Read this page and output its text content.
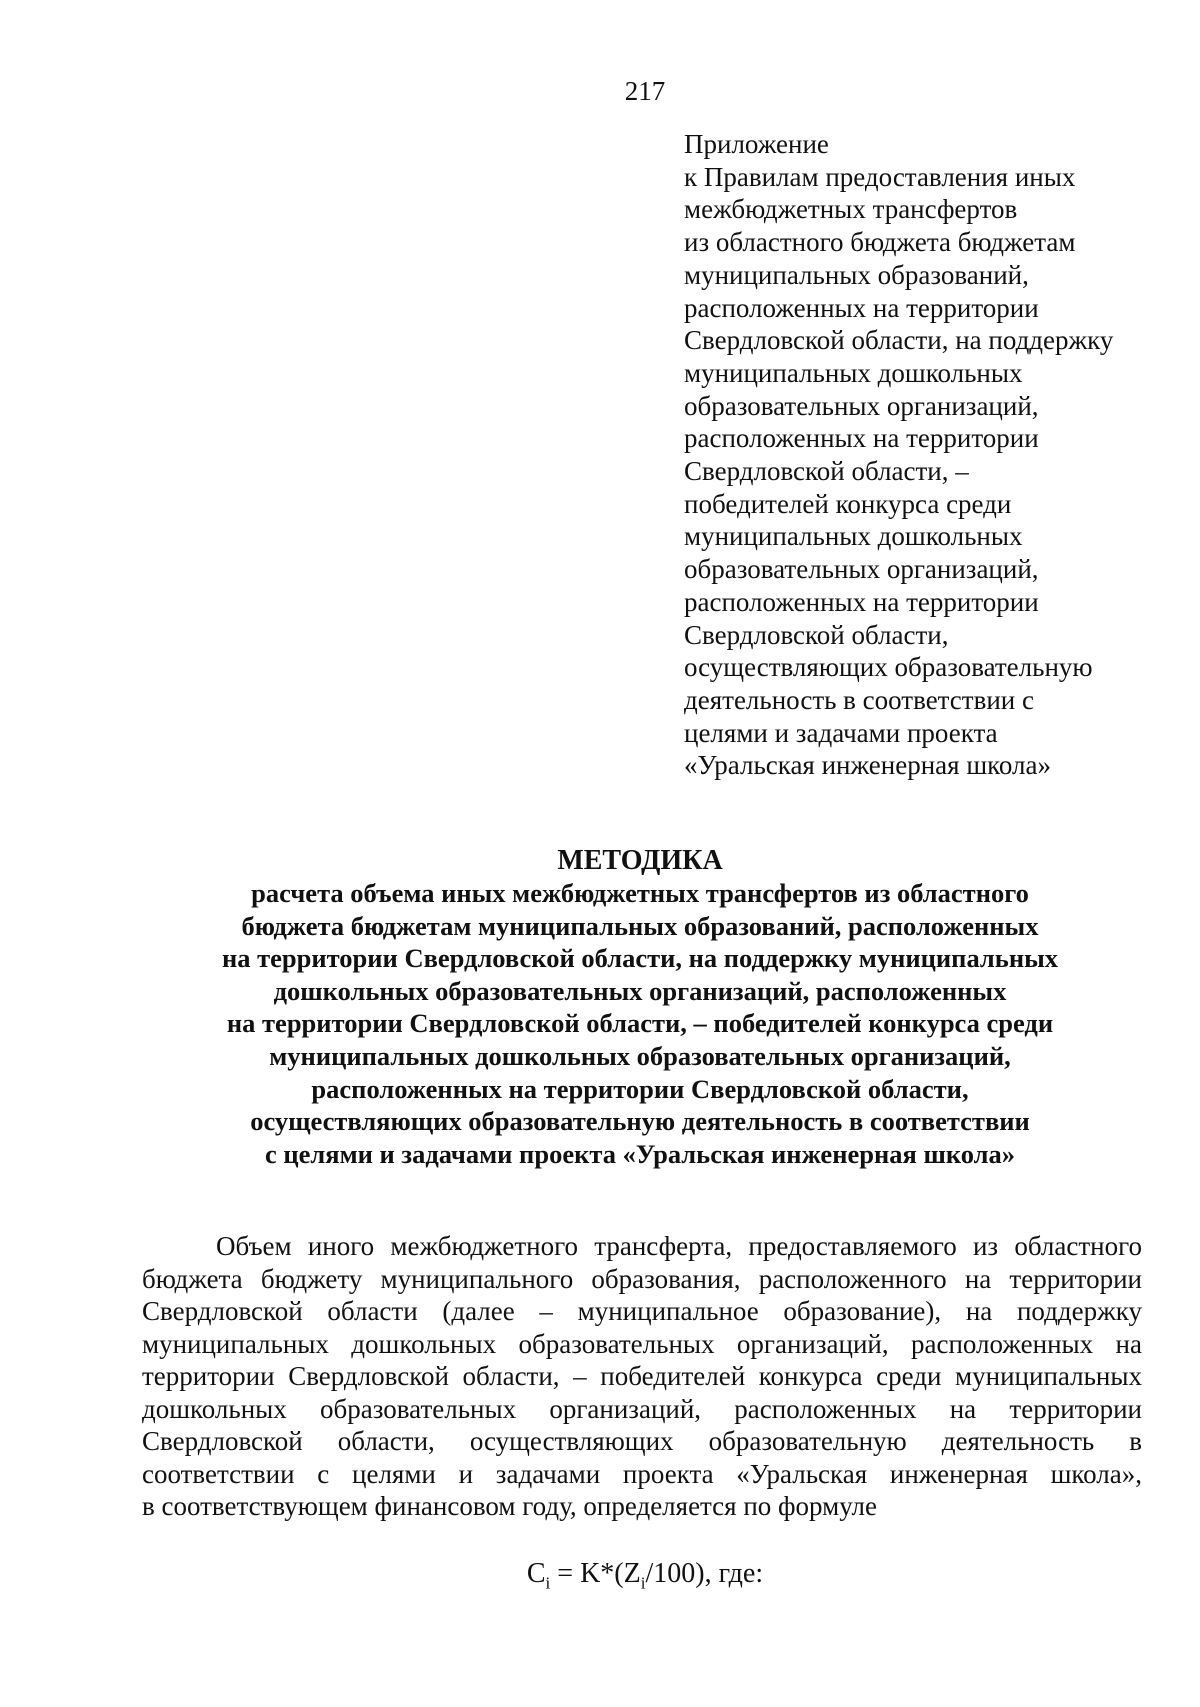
217
Приложение
к Правилам предоставления иных
межбюджетных трансфертов
из областного бюджета бюджетам
муниципальных образований,
расположенных на территории
Свердловской области, на поддержку
муниципальных дошкольных
образовательных организаций,
расположенных на территории
Свердловской области, –
победителей конкурса среди
муниципальных дошкольных
образовательных организаций,
расположенных на территории
Свердловской области,
осуществляющих образовательную
деятельность в соответствии с
целями и задачами проекта
«Уральская инженерная школа»
МЕТОДИКА
расчета объема иных межбюджетных трансфертов из областного
бюджета бюджетам муниципальных образований, расположенных
на территории Свердловской области, на поддержку муниципальных
дошкольных образовательных организаций, расположенных
на территории Свердловской области, – победителей конкурса среди
муниципальных дошкольных образовательных организаций,
расположенных на территории Свердловской области,
осуществляющих образовательную деятельность в соответствии
с целями и задачами проекта «Уральская инженерная школа»
Объем иного межбюджетного трансферта, предоставляемого из областного
бюджета бюджету муниципального образования, расположенного на территории
Свердловской области (далее – муниципальное образование), на поддержку
муниципальных дошкольных образовательных организаций, расположенных на
территории Свердловской области, – победителей конкурса среди муниципальных
дошкольных образовательных организаций, расположенных на территории
Свердловской области, осуществляющих образовательную деятельность в
соответствии с целями и задачами проекта «Уральская инженерная школа»,
в соответствующем финансовом году, определяется по формуле
$C_i = K*(Z_i/100)$, где:
